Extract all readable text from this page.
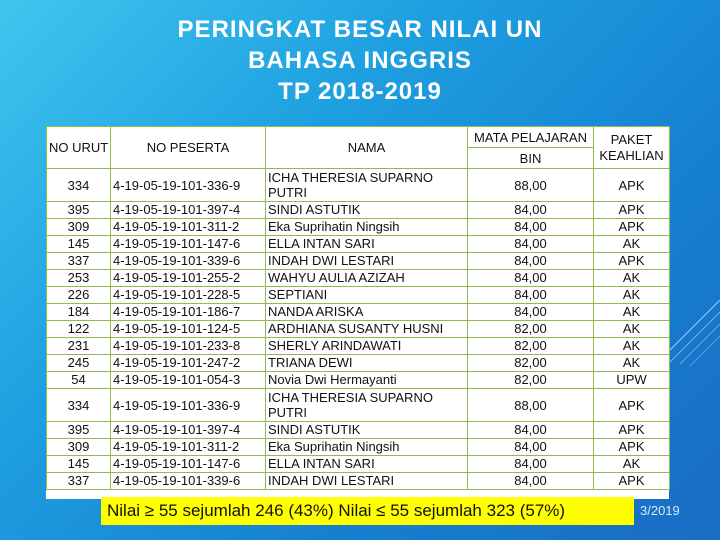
PERINGKAT BESAR NILAI UN
BAHASA INGGRIS
TP 2018-2019
NO URUT	NO PESERTA	NAMA	MATA PELAJARAN	PAKET
KEAHLIAN
			BIN	
334	4-19-05-19-101-336-9	ICHA THERESIA SUPARNO PUTRI	88,00	APK
395	4-19-05-19-101-397-4	SINDI ASTUTIK	84,00	APK
309	4-19-05-19-101-311-2	Eka Suprihatin Ningsih	84,00	APK
145	4-19-05-19-101-147-6	ELLA INTAN SARI	84,00	AK
337	4-19-05-19-101-339-6	INDAH DWI LESTARI	84,00	APK
253	4-19-05-19-101-255-2	WAHYU AULIA AZIZAH	84,00	AK
226	4-19-05-19-101-228-5	SEPTIANI	84,00	AK
184	4-19-05-19-101-186-7	NANDA ARISKA	84,00	AK
122	4-19-05-19-101-124-5	ARDHIANA SUSANTY HUSNI	82,00	AK
231	4-19-05-19-101-233-8	SHERLY ARINDAWATI	82,00	AK
245	4-19-05-19-101-247-2	TRIANA DEWI	82,00	AK
54	4-19-05-19-101-054-3	Novia Dwi Hermayanti	82,00	UPW
334	4-19-05-19-101-336-9	ICHA THERESIA SUPARNO PUTRI	88,00	APK
395	4-19-05-19-101-397-4	SINDI ASTUTIK	84,00	APK
309	4-19-05-19-101-311-2	Eka Suprihatin Ningsih	84,00	APK
145	4-19-05-19-101-147-6	ELLA INTAN SARI	84,00	AK
337	4-19-05-19-101-339-6	INDAH DWI LESTARI	84,00	APK
Nilai ≥ 55 sejumlah 246 (43%) Nilai ≤ 55 sejumlah 323 (57%)	3/2019
